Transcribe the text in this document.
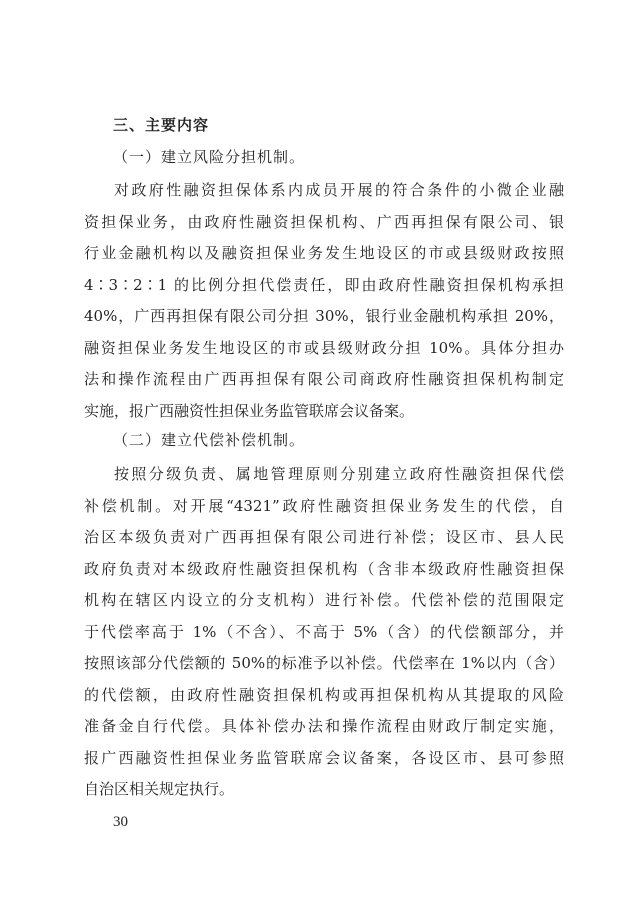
三、主要内容
（一）建立风险分担机制。
对政府性融资担保体系内成员开展的符合条件的小微企业融
资担保业务，由政府性融资担保机构、广西再担保有限公司、银
行业金融机构以及融资担保业务发生地设区的市或县级财政按照
4∶3∶2∶1 的比例分担代偿责任，即由政府性融资担保机构承担
40%，广西再担保有限公司分担 30%，银行业金融机构承担 20%，
融资担保业务发生地设区的市或县级财政分担 10%。具体分担办
法和操作流程由广西再担保有限公司商政府性融资担保机构制定
实施，报广西融资性担保业务监管联席会议备案。
（二）建立代偿补偿机制。
按照分级负责、属地管理原则分别建立政府性融资担保代偿
补偿机制。对开展“4321”政府性融资担保业务发生的代偿，自
治区本级负责对广西再担保有限公司进行补偿；设区市、县人民
政府负责对本级政府性融资担保机构（含非本级政府性融资担保
机构在辖区内设立的分支机构）进行补偿。代偿补偿的范围限定
于代偿率高于 1%（不含）、不高于 5%（含）的代偿额部分，并
按照该部分代偿额的 50%的标准予以补偿。代偿率在 1%以内（含）
的代偿额，由政府性融资担保机构或再担保机构从其提取的风险
准备金自行代偿。具体补偿办法和操作流程由财政厅制定实施，
报广西融资性担保业务监管联席会议备案，各设区市、县可参照
自治区相关规定执行。
30
